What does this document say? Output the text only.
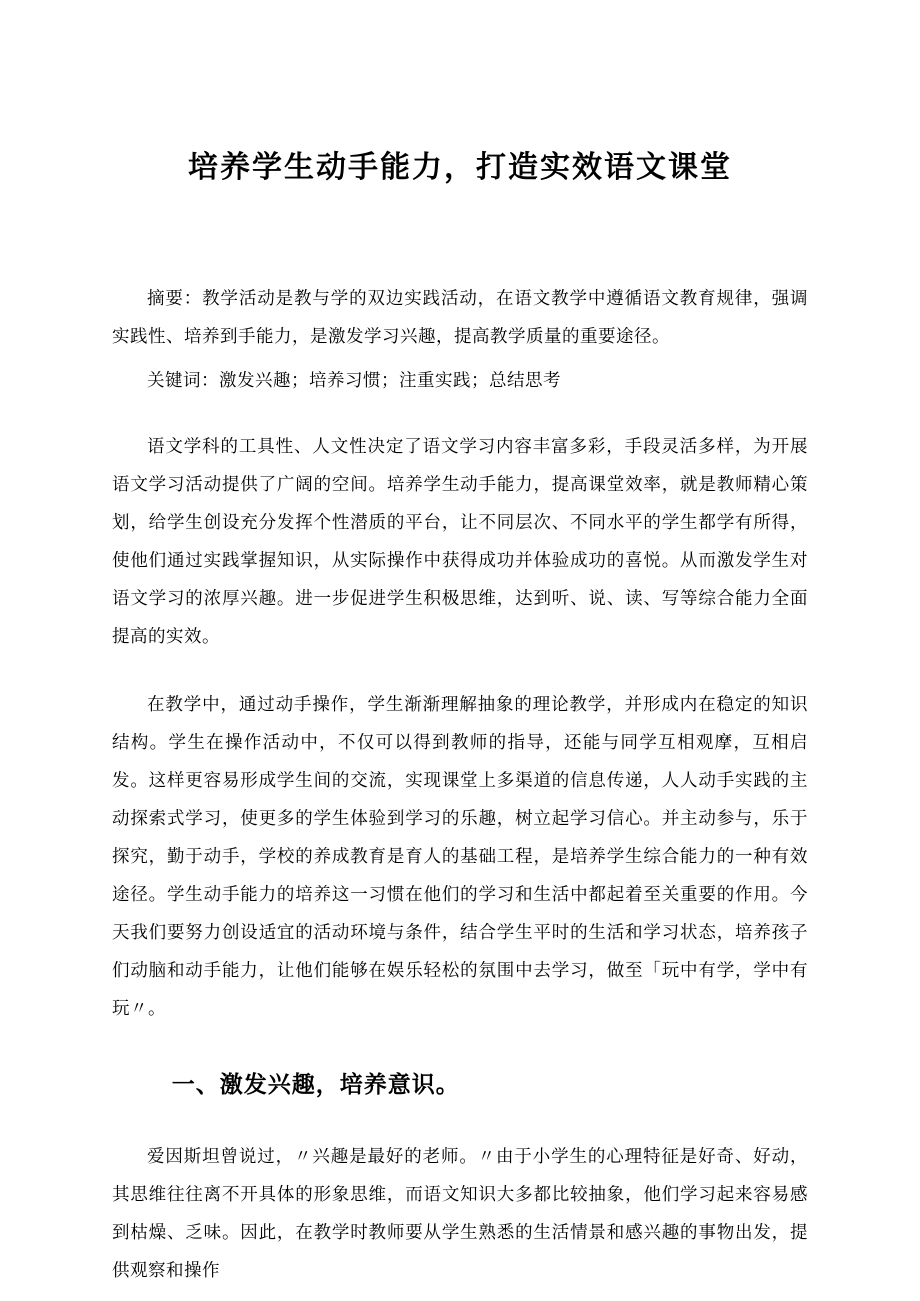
培养学生动手能力，打造实效语文课堂

摘要：教学活动是教与学的双边实践活动，在语文教学中遵循语文教育规律，强调实践性、培养到手能力，是激发学习兴趣，提高教学质量的重要途径。

关键词：激发兴趣；培养习惯；注重实践；总结思考

语文学科的工具性、人文性决定了语文学习内容丰富多彩，手段灵活多样，为开展语文学习活动提供了广阔的空间。培养学生动手能力，提高课堂效率，就是教师精心策划，给学生创设充分发挥个性潜质的平台，让不同层次、不同水平的学生都学有所得，使他们通过实践掌握知识，从实际操作中获得成功并体验成功的喜悦。从而激发学生对语文学习的浓厚兴趣。进一步促进学生积极思维，达到听、说、读、写等综合能力全面提高的实效。

在教学中，通过动手操作，学生渐渐理解抽象的理论教学，并形成内在稳定的知识结构。学生在操作活动中，不仅可以得到教师的指导，还能与同学互相观摩，互相启发。这样更容易形成学生间的交流，实现课堂上多渠道的信息传递，人人动手实践的主动探索式学习，使更多的学生体验到学习的乐趣，树立起学习信心。并主动参与，乐于探究，勤于动手，学校的养成教育是育人的基础工程，是培养学生综合能力的一种有效途径。学生动手能力的培养这一习惯在他们的学习和生活中都起着至关重要的作用。今天我们要努力创设适宜的活动环境与条件，结合学生平时的生活和学习状态，培养孩子们动脑和动手能力，让他们能够在娱乐轻松的氛围中去学习，做至「玩中有学，学中有玩〃。

一、激发兴趣，培养意识。

爱因斯坦曾说过，〃兴趣是最好的老师。〃由于小学生的心理特征是好奇、好动，其思维往往离不开具体的形象思维，而语文知识大多都比较抽象，他们学习起来容易感到枯燥、乏味。因此，在教学时教师要从学生熟悉的生活情景和感兴趣的事物出发，提供观察和操作
